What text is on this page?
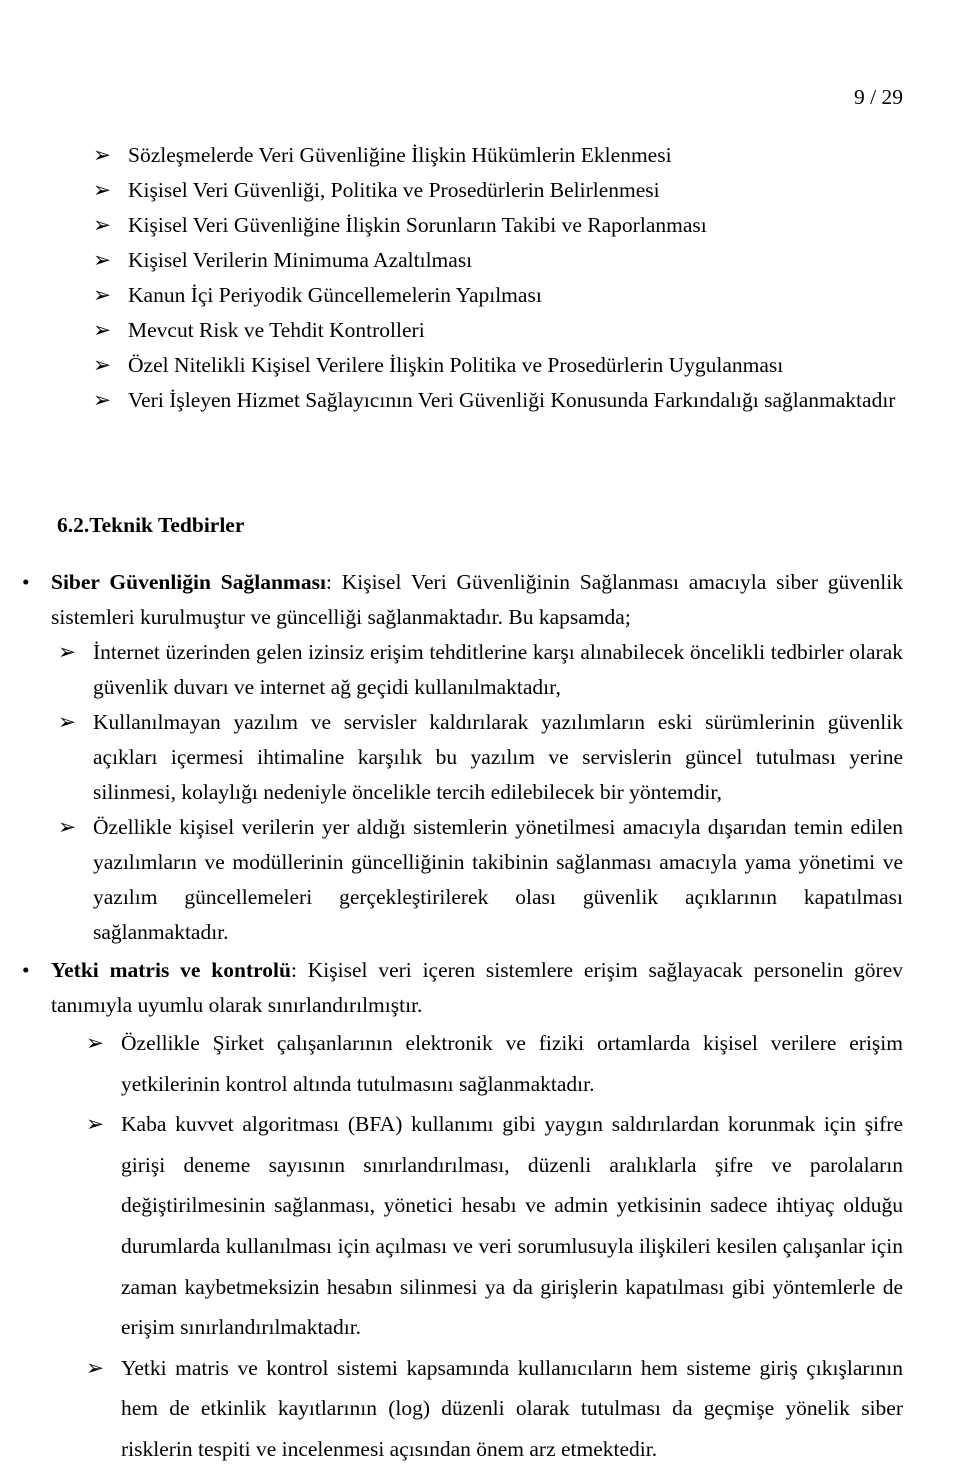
9 / 29
➢ Sözleşmelerde Veri Güvenliğine İlişkin Hükümlerin Eklenmesi
➢ Kişisel Veri Güvenliği, Politika ve Prosedürlerin Belirlenmesi
➢ Kişisel Veri Güvenliğine İlişkin Sorunların Takibi ve Raporlanması
➢ Kişisel Verilerin Minimuma Azaltılması
➢ Kanun İçi Periyodik Güncellemelerin Yapılması
➢ Mevcut Risk ve Tehdit Kontrolleri
➢ Özel Nitelikli Kişisel Verilere İlişkin Politika ve Prosedürlerin Uygulanması
➢ Veri İşleyen Hizmet Sağlayıcının Veri Güvenliği Konusunda Farkındalığı sağlanmaktadır
6.2.Teknik Tedbirler
• Siber Güvenliğin Sağlanması: Kişisel Veri Güvenliğinin Sağlanması amacıyla siber güvenlik sistemleri kurulmuştur ve güncelliği sağlanmaktadır. Bu kapsamda;
➢ İnternet üzerinden gelen izinsiz erişim tehditlerine karşı alınabilecek öncelikli tedbirler olarak güvenlik duvarı ve internet ağ geçidi kullanılmaktadır,
➢ Kullanılmayan yazılım ve servisler kaldırılarak yazılımların eski sürümlerinin güvenlik açıkları içermesi ihtimaline karşılık bu yazılım ve servislerin güncel tutulması yerine silinmesi, kolaylığı nedeniyle öncelikle tercih edilebilecek bir yöntemdir,
➢ Özellikle kişisel verilerin yer aldığı sistemlerin yönetilmesi amacıyla dışarıdan temin edilen yazılımların ve modüllerinin güncelliğinin takibinin sağlanması amacıyla yama yönetimi ve yazılım güncellemeleri gerçekleştirilerek olası güvenlik açıklarının kapatılması sağlanmaktadır.
• Yetki matris ve kontrolü: Kişisel veri içeren sistemlere erişim sağlayacak personelin görev tanımıyla uyumlu olarak sınırlandırılmıştır.
➢ Özellikle Şirket çalışanlarının elektronik ve fiziki ortamlarda kişisel verilere erişim yetkilerinin kontrol altında tutulmasını sağlanmaktadır.
➢ Kaba kuvvet algoritması (BFA) kullanımı gibi yaygın saldırılardan korunmak için şifre girişi deneme sayısının sınırlandırılması, düzenli aralıklarla şifre ve parolaların değiştirilmesinin sağlanması, yönetici hesabı ve admin yetkisinin sadece ihtiyaç olduğu durumlarda kullanılması için açılması ve veri sorumlusuyla ilişkileri kesilen çalışanlar için zaman kaybetmeksizin hesabın silinmesi ya da girişlerin kapatılması gibi yöntemlerle de erişim sınırlandırılmaktadır.
➢ Yetki matris ve kontrol sistemi kapsamında kullanıcıların hem sisteme giriş çıkışlarının hem de etkinlik kayıtlarının (log) düzenli olarak tutulması da geçmişe yönelik siber risklerin tespiti ve incelenmesi açısından önem arz etmektedir.
